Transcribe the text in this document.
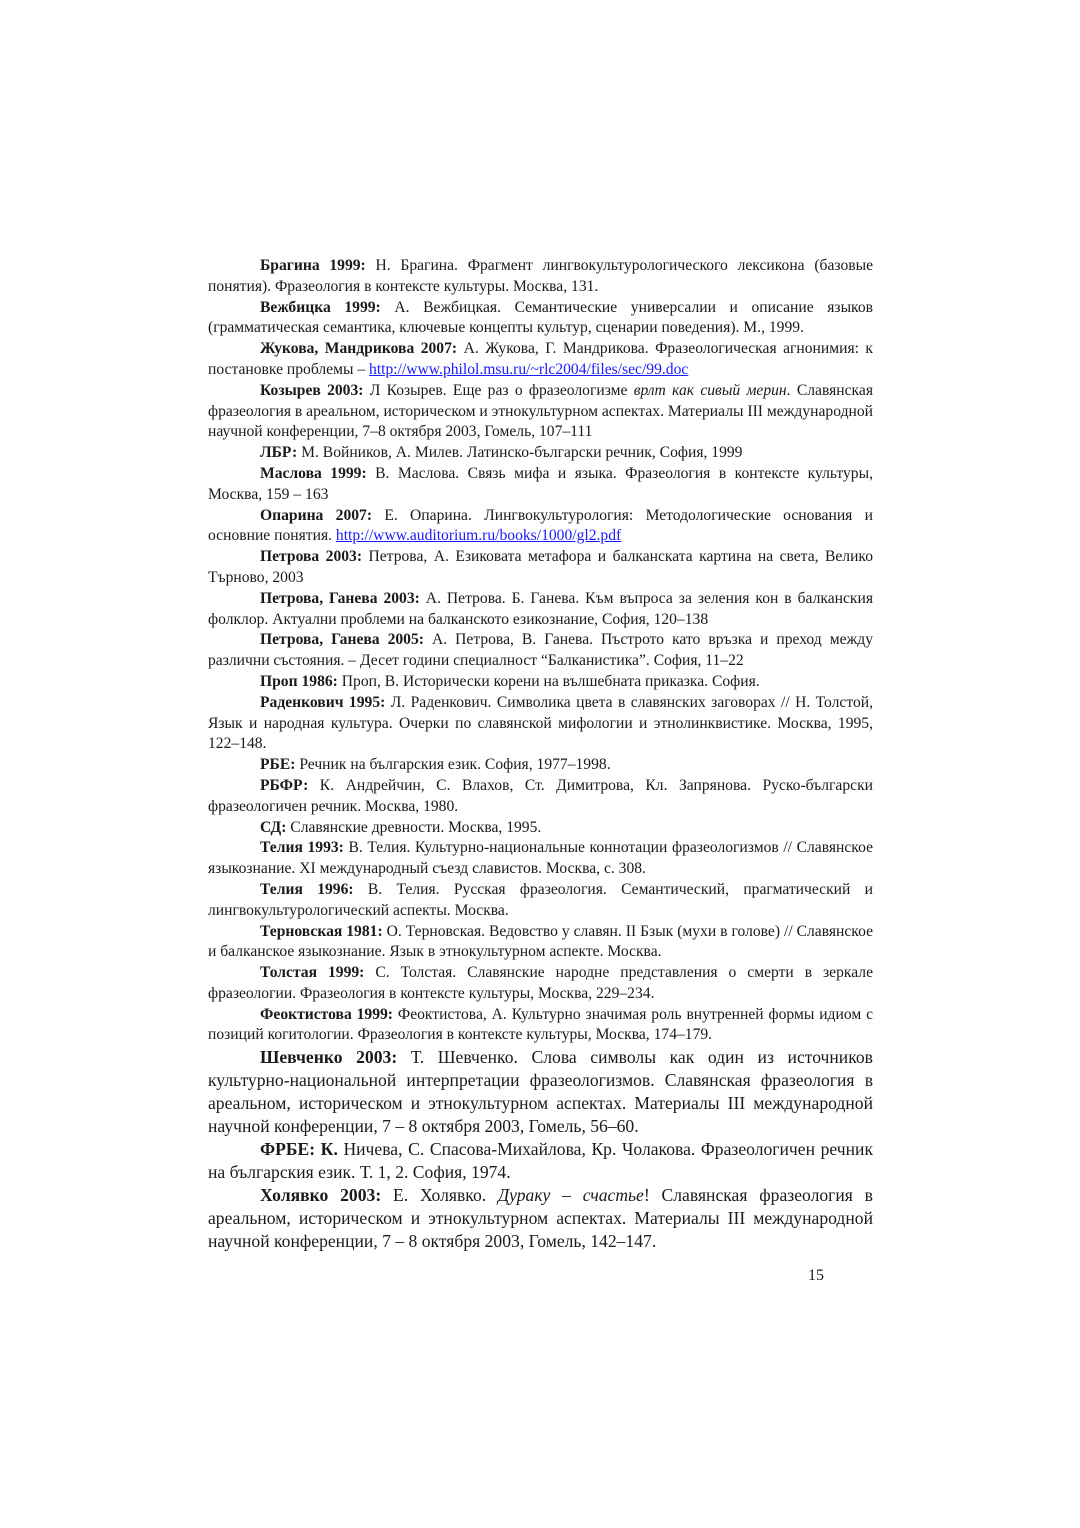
Брагина 1999: Н. Брагина. Фрагмент лингвокультурологического лексикона (базовые понятия). Фразеология в контексте культуры. Москва, 131.

Вежбицка 1999: А. Вежбицкая. Семантические универсалии и описание языков (грамматическая семантика, ключевые концепты культур, сценарии поведения). М., 1999.

Жукова, Мандрикова 2007: А. Жукова, Г. Мандрикова. Фразеологическая агнонимия: к постановке проблемы – http://www.philol.msu.ru/~rlc2004/files/sec/99.doc

Козырев 2003: Л Козырев. Еще раз о фразеологизме врлт как сивый мерин. Славянская фразеология в ареальном, историческом и этнокультурном аспектах. Материалы III международной научной конференции, 7–8 октября 2003, Гомель, 107–111

ЛБР: М. Войников, А. Милев. Латинско-български речник, София, 1999

Маслова 1999: В. Маслова. Связь мифа и языка. Фразеология в контексте культуры, Москва, 159 – 163

Опарина 2007: Е. Опарина. Лингвокультурология: Методологические основания и основние понятия. http://www.auditorium.ru/books/1000/gl2.pdf

Петрова 2003: Петрова, А. Езиковата метафора и балканската картина на света, Велико Търново, 2003

Петрова, Ганева 2003: А. Петрова. Б. Ганева. Към въпроса за зеления кон в балканския фолклор. Актуални проблеми на балканското езикознание, София, 120–138

Петрова, Ганева 2005: А. Петрова, В. Ганева. Пъстрото като връзка и преход между различни състояния. – Десет години специалност “Балканистика”. София, 11–22

Проп 1986: Проп, В. Исторически корени на вълшебната приказка. София.

Раденкович 1995: Л. Раденкович. Символика цвета в славянских заговорах // Н. Толстой, Язык и народная культура. Очерки по славянской мифологии и этнолинквистике. Москва, 1995, 122–148.

РБЕ: Речник на българския език. София, 1977–1998.

РБФР: К. Андрейчин, С. Влахов, Ст. Димитрова, Кл. Запрянова. Руско-български фразеологичен речник. Москва, 1980.

СД: Славянские древности. Москва, 1995.

Телия 1993: В. Телия. Культурно-национальные коннотации фразеологизмов // Славянское языкознание. XI международный съезд славистов. Москва, с. 308.

Телия 1996: В. Телия. Русская фразеология. Семантический, прагматический и лингвокультурологический аспекты. Москва.

Терновская 1981: О. Терновская. Ведовство у славян. II Бзык (мухи в голове) // Славянское и балканское языкознание. Язык в этнокультурном аспекте. Москва.

Толстая 1999: С. Толстая. Славянские народне представления о смерти в зеркале фразеологии. Фразеология в контексте культуры, Москва, 229–234.

Феоктистова 1999: Феоктистова, А. Культурно значимая роль внутренней формы идиом с позиций когитологии. Фразеология в контексте культуры, Москва, 174–179.

Шевченко 2003: Т. Шевченко. Слова символы как один из источников культурно-национальной интерпретации фразеологизмов. Славянская фразеология в ареальном, историческом и этнокультурном аспектах. Материалы III международной научной конференции, 7 – 8 октября 2003, Гомель, 56–60.

ФРБЕ: К. Ничева, С. Спасова-Михайлова, Кр. Чолакова. Фразеологичен речник на българския език. Т. 1, 2. София, 1974.

Холявко 2003: Е. Холявко. Дураку – счастье! Славянская фразеология в ареальном, историческом и этнокультурном аспектах. Материалы III международной научной конференции, 7 – 8 октября 2003, Гомель, 142–147.

15
